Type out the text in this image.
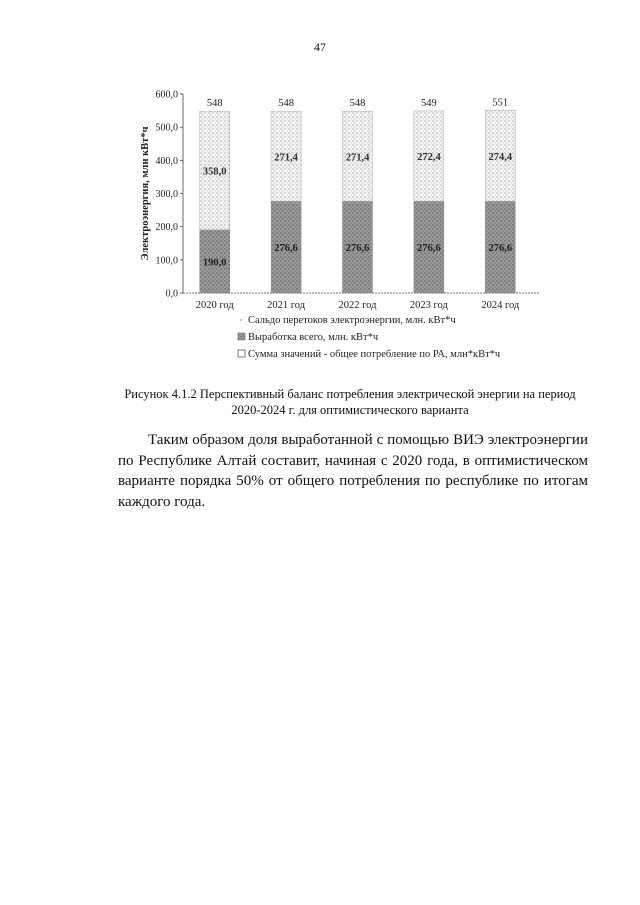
47
0,0
100,0
200,0
300,0
400,0
500,0
600,0
Электроэнергия, млн кВт*ч
190,0
358,0
548
2020 год
276,6
271,4
548
2021 год
276,6
271,4
548
2022 год
276,6
272,4
549
2023 год
276,6
274,4
551
2024 год
Сальдо перетоков электроэнергии, млн. кВт*ч
Выработка всего, млн. кВт*ч
Сумма значений - общее потребление по РА, млн*кВт*ч
Рисунок 4.1.2 Перспективный баланс потребления электрической энергии на период
2020-2024 г. для оптимистического варианта
Таким образом доля выработанной с помощью ВИЭ электроэнергии по Республике Алтай составит, начиная с 2020 года, в оптимистическом варианте порядка 50% от общего потребления по республике по итогам каждого года.
